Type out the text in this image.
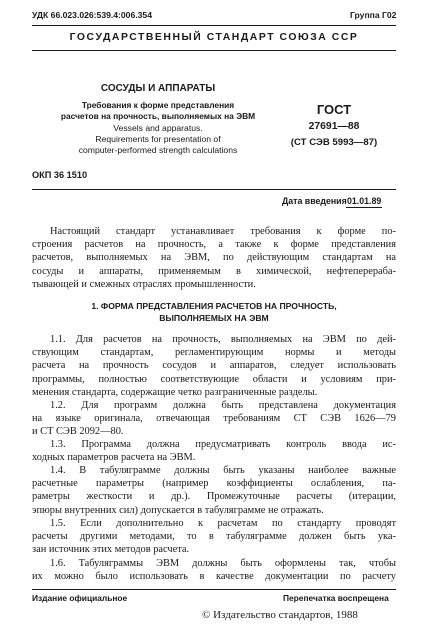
УДК 66.023.026:539.4:006.354	Группа Г02
ГОСУДАРСТВЕННЫЙ СТАНДАРТ СОЮЗА ССР
СОСУДЫ И АППАРАТЫ
Требования к форме представления
расчетов на прочность, выполняемых на ЭВМ
Vessels and apparatus.
Requirements for presentation of
computer-performed strength calculations
ГОСТ
27691—88
(СТ СЭВ 5993—87)
ОКП 36 1510
Дата введения 01.01.89
Настоящий стандарт устанавливает требования к форме по-
строения расчетов на прочность, а также к форме представления
расчетов, выполняемых на ЭВМ, по действующим стандартам на
сосуды и аппараты, применяемым в химической, нефтеперераба-
тывающей и смежных отраслях промышленности.
1. ФОРМА ПРЕДСТАВЛЕНИЯ РАСЧЕТОВ НА ПРОЧНОСТЬ,
ВЫПОЛНЯЕМЫХ НА ЭВМ
1.1. Для расчетов на прочность, выполняемых на ЭВМ по дей-
ствующим стандартам, регламентирующим нормы и методы
расчета на прочность сосудов и аппаратов, следует использовать
программы, полностью соответствующие области и условиям при-
менения стандарта, содержащие четко разграниченные разделы.
1.2. Для программ должна быть представлена документация
на языке оригинала, отвечающая требованиям СТ СЭВ 1626—79
и СТ СЭВ 2092—80.
1.3. Программа должна предусматривать контроль ввода ис-
ходных параметров расчета на ЭВМ.
1.4. В табуляграмме должны быть указаны наиболее важные
расчетные параметры (например коэффициенты ослабления, па-
раметры жесткости и др.). Промежуточные расчеты (итерации,
эпюры внутренних сил) допускается в табуляграмме не отражать.
1.5. Если дополнительно к расчетам по стандарту проводят
расчеты другими методами, то в табуляграмме должен быть ука-
зан источник этих методов расчета.
1.6. Табуляграммы ЭВМ должны быть оформлены так, чтобы
их можно было использовать в качестве документации по расчету
Издание официальное	Перепечатка воспрещена
© Издательство стандартов, 1988
